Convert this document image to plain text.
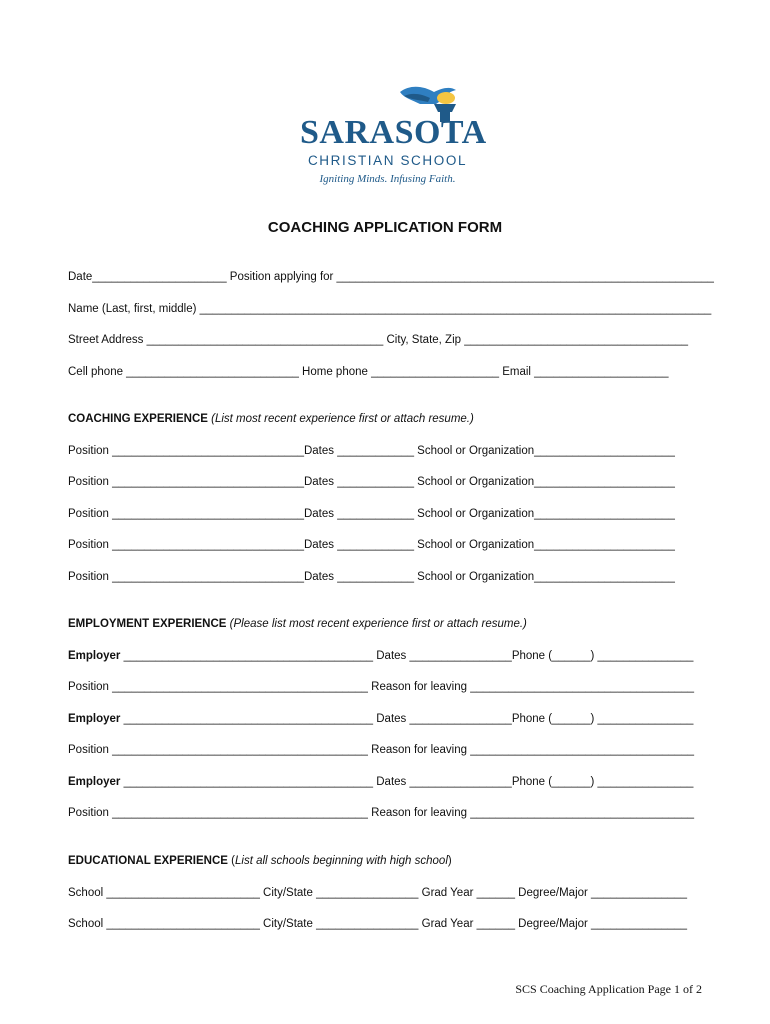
SARASOTA
CHRISTIAN SCHOOL
Igniting Minds. Infusing Faith.
COACHING APPLICATION FORM
Date_____________________ Position applying for ___________________________________________________________
Name (Last, first, middle) ________________________________________________________________________________
Street Address _____________________________________ City, State, Zip ___________________________________
Cell phone ___________________________ Home phone ____________________ Email _____________________
COACHING EXPERIENCE (List most recent experience first or attach resume.)
Position ______________________________Dates ____________ School or Organization______________________
Position ______________________________Dates ____________ School or Organization______________________
Position ______________________________Dates ____________ School or Organization______________________
Position ______________________________Dates ____________ School or Organization______________________
Position ______________________________Dates ____________ School or Organization______________________
EMPLOYMENT EXPERIENCE (Please list most recent experience first or attach resume.)
Employer _______________________________________ Dates ________________Phone (______) _______________
Position ________________________________________ Reason for leaving ___________________________________
Employer _______________________________________ Dates ________________Phone (______) _______________
Position ________________________________________ Reason for leaving ___________________________________
Employer _______________________________________ Dates ________________Phone (______) _______________
Position ________________________________________ Reason for leaving ___________________________________
EDUCATIONAL EXPERIENCE (List all schools beginning with high school)
School ________________________ City/State ________________ Grad Year ______ Degree/Major _______________
School ________________________ City/State ________________ Grad Year ______ Degree/Major _______________
SCS Coaching Application Page 1 of 2
